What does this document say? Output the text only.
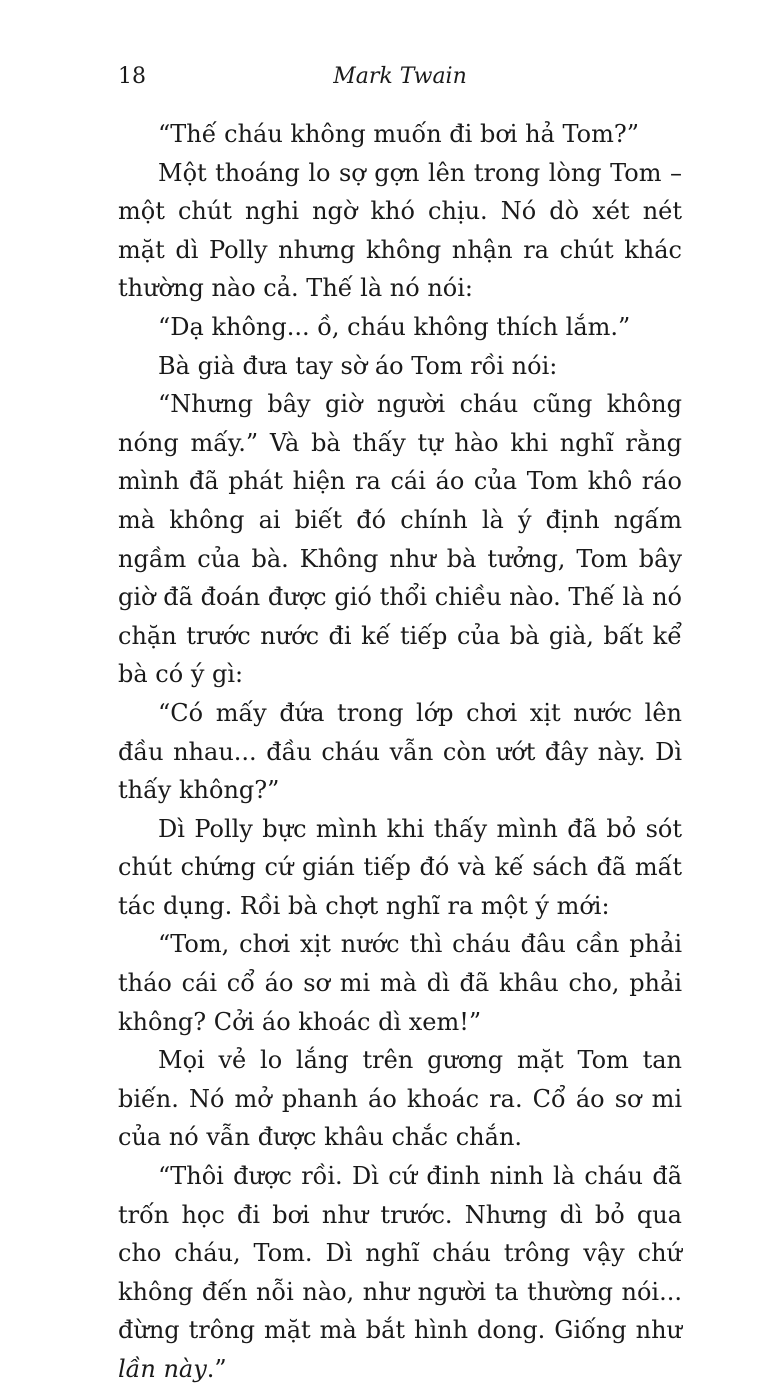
18	Mark Twain

“Thế cháu không muốn đi bơi hả Tom?”

Một thoáng lo sợ gợn lên trong lòng Tom – một chút nghi ngờ khó chịu. Nó dò xét nét mặt dì Polly nhưng không nhận ra chút khác thường nào cả. Thế là nó nói:

“Dạ không... ồ, cháu không thích lắm.”

Bà già đưa tay sờ áo Tom rồi nói:

“Nhưng bây giờ người cháu cũng không nóng mấy.” Và bà thấy tự hào khi nghĩ rằng mình đã phát hiện ra cái áo của Tom khô ráo mà không ai biết đó chính là ý định ngấm ngầm của bà. Không như bà tưởng, Tom bây giờ đã đoán được gió thổi chiều nào. Thế là nó chặn trước nước đi kế tiếp của bà già, bất kể bà có ý gì:

“Có mấy đứa trong lớp chơi xịt nước lên đầu nhau... đầu cháu vẫn còn ướt đây này. Dì thấy không?”

Dì Polly bực mình khi thấy mình đã bỏ sót chút chứng cứ gián tiếp đó và kế sách đã mất tác dụng. Rồi bà chợt nghĩ ra một ý mới:

“Tom, chơi xịt nước thì cháu đâu cần phải tháo cái cổ áo sơ mi mà dì đã khâu cho, phải không? Cởi áo khoác dì xem!”

Mọi vẻ lo lắng trên gương mặt Tom tan biến. Nó mở phanh áo khoác ra. Cổ áo sơ mi của nó vẫn được khâu chắc chắn.

“Thôi được rồi. Dì cứ đinh ninh là cháu đã trốn học đi bơi như trước. Nhưng dì bỏ qua cho cháu, Tom. Dì nghĩ cháu trông vậy chứ không đến nỗi nào, như người ta thường nói... đừng trông mặt mà bắt hình dong. Giống như lần này.”
